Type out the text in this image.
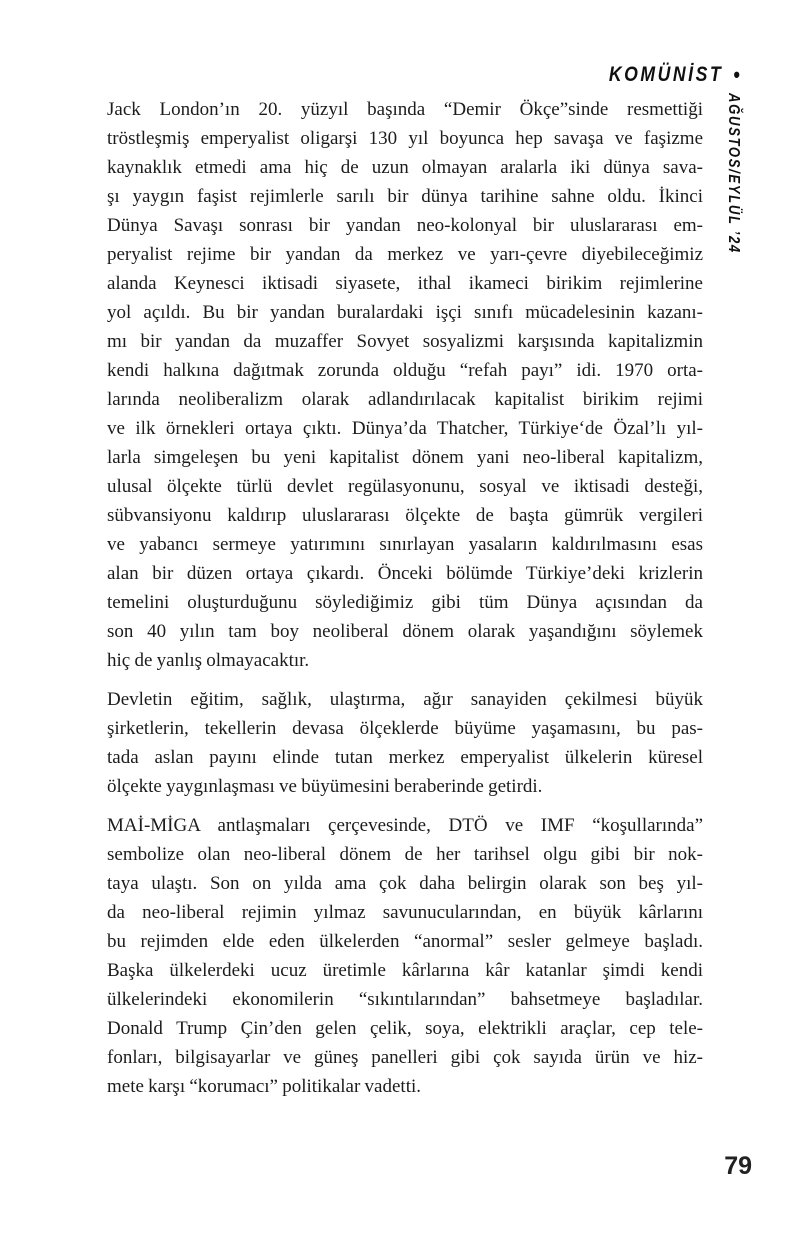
KOMÜNİST •
AĞUSTOS/EYLÜL ’24
Jack London’ın 20. yüzyıl başında “Demir Ökçe”sinde resmettiği
tröstleşmiş emperyalist oligarşi 130 yıl boyunca hep savaşa ve faşizme
kaynaklık etmedi ama hiç de uzun olmayan aralarla iki dünya sava-
şı yaygın faşist rejimlerle sarılı bir dünya tarihine sahne oldu. İkinci
Dünya Savaşı sonrası bir yandan neo-kolonyal bir uluslararası em-
peryalist rejime bir yandan da merkez ve yarı-çevre diyebileceğimiz
alanda Keynesci iktisadi siyasete, ithal ikameci birikim rejimlerine
yol açıldı. Bu bir yandan buralardaki işçi sınıfı mücadelesinin kazanı-
mı bir yandan da muzaffer Sovyet sosyalizmi karşısında kapitalizmin
kendi halkına dağıtmak zorunda olduğu “refah payı” idi. 1970 orta-
larında neoliberalizm olarak adlandırılacak kapitalist birikim rejimi
ve ilk örnekleri ortaya çıktı. Dünya’da Thatcher, Türkiye‘de Özal’lı yıl-
larla simgeleşen bu yeni kapitalist dönem yani neo-liberal kapitalizm,
ulusal ölçekte türlü devlet regülasyonunu, sosyal ve iktisadi desteği,
sübvansiyonu kaldırıp uluslararası ölçekte de başta gümrük vergileri
ve yabancı sermeye yatırımını sınırlayan yasaların kaldırılmasını esas
alan bir düzen ortaya çıkardı. Önceki bölümde Türkiye’deki krizlerin
temelini oluşturduğunu söylediğimiz gibi tüm Dünya açısından da
son 40 yılın tam boy neoliberal dönem olarak yaşandığını söylemek
hiç de yanlış olmayacaktır.
Devletin eğitim, sağlık, ulaştırma, ağır sanayiden çekilmesi büyük
şirketlerin, tekellerin devasa ölçeklerde büyüme yaşamasını, bu pas-
tada aslan payını elinde tutan merkez emperyalist ülkelerin küresel
ölçekte yaygınlaşması ve büyümesini beraberinde getirdi.
MAİ-MİGA antlaşmaları çerçevesinde, DTÖ ve IMF “koşullarında”
sembolize olan neo-liberal dönem de her tarihsel olgu gibi bir nok-
taya ulaştı. Son on yılda ama çok daha belirgin olarak son beş yıl-
da neo-liberal rejimin yılmaz savunucularından, en büyük kârlarını
bu rejimden elde eden ülkelerden “anormal” sesler gelmeye başladı.
Başka ülkelerdeki ucuz üretimle kârlarına kâr katanlar şimdi kendi
ülkelerindeki ekonomilerin “sıkıntılarından” bahsetmeye başladılar.
Donald Trump Çin’den gelen çelik, soya, elektrikli araçlar, cep tele-
fonları, bilgisayarlar ve güneş panelleri gibi çok sayıda ürün ve hiz-
mete karşı “korumacı” politikalar vadetti.
79
